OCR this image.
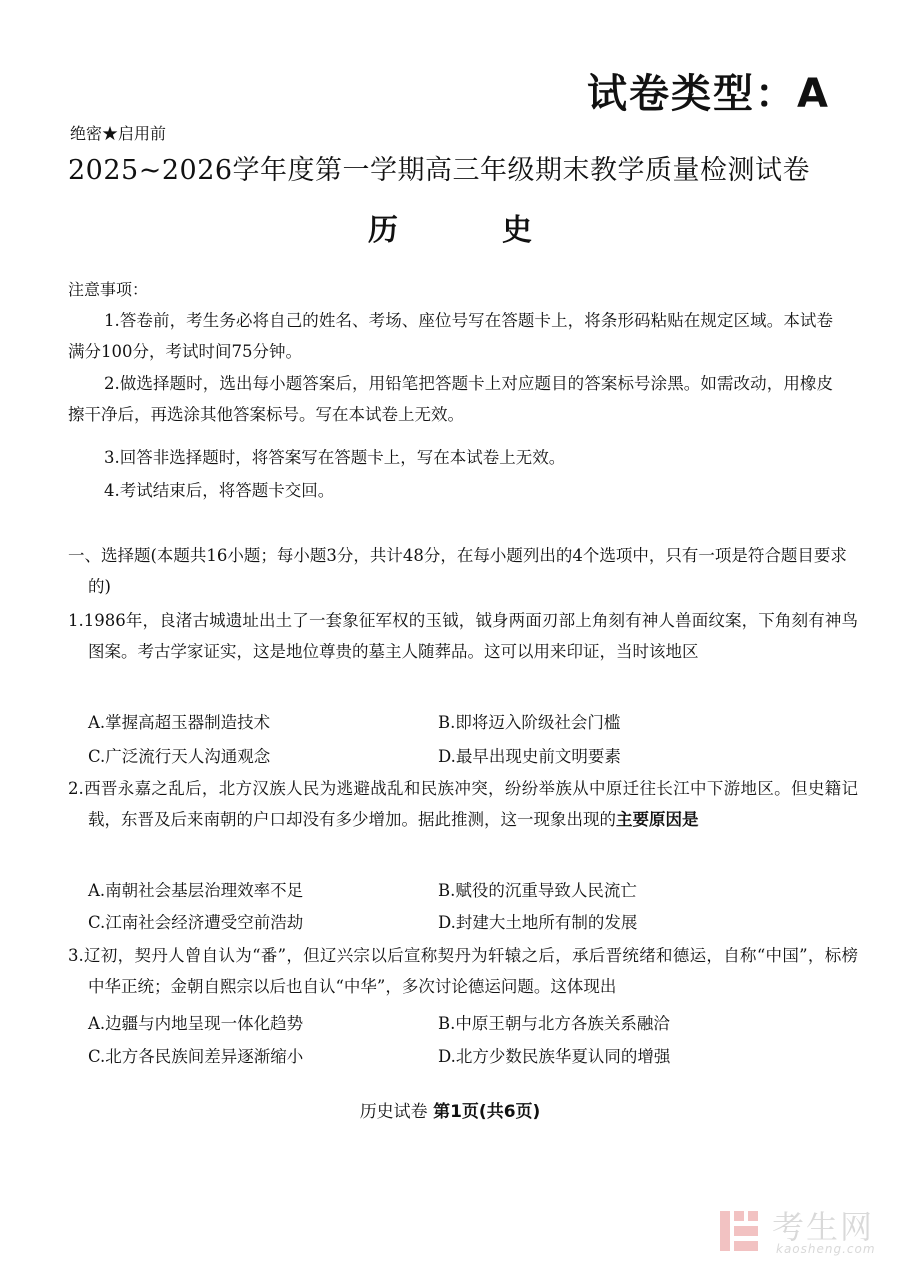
试卷类型：A
绝密★启用前
2025~2026学年度第一学期高三年级期末教学质量检测试卷
历	史
注意事项：
1.答卷前，考生务必将自己的姓名、考场、座位号写在答题卡上，将条形码粘贴在规定区域。本试卷满分100分，考试时间75分钟。
2.做选择题时，选出每小题答案后，用铅笔把答题卡上对应题目的答案标号涂黑。如需改动，用橡皮擦干净后，再选涂其他答案标号。写在本试卷上无效。
3.回答非选择题时，将答案写在答题卡上，写在本试卷上无效。
4.考试结束后，将答题卡交回。
一、选择题(本题共16小题；每小题3分，共计48分，在每小题列出的4个选项中，只有一项是符合题目要求的)
1.1986年，良渚古城遗址出土了一套象征军权的玉钺，钺身两面刃部上角刻有神人兽面纹案，下角刻有神鸟图案。考古学家证实，这是地位尊贵的墓主人随葬品。这可以用来印证，当时该地区
A.掌握高超玉器制造技术	B.即将迈入阶级社会门槛
C.广泛流行天人沟通观念	D.最早出现史前文明要素
2.西晋永嘉之乱后，北方汉族人民为逃避战乱和民族冲突，纷纷举族从中原迁往长江中下游地区。但史籍记载，东晋及后来南朝的户口却没有多少增加。据此推测，这一现象出现的主要原因是
A.南朝社会基层治理效率不足	B.赋役的沉重导致人民流亡
C.江南社会经济遭受空前浩劫	D.封建大土地所有制的发展
3.辽初，契丹人曾自认为“番”，但辽兴宗以后宣称契丹为轩辕之后，承后晋统绪和德运，自称“中国”，标榜中华正统；金朝自熙宗以后也自认“中华”，多次讨论德运问题。这体现出
A.边疆与内地呈现一体化趋势	B.中原王朝与北方各族关系融洽
C.北方各民族间差异逐渐缩小	D.北方少数民族华夏认同的增强
历史试卷 第1页(共6页)
考生网
kaosheng.com
